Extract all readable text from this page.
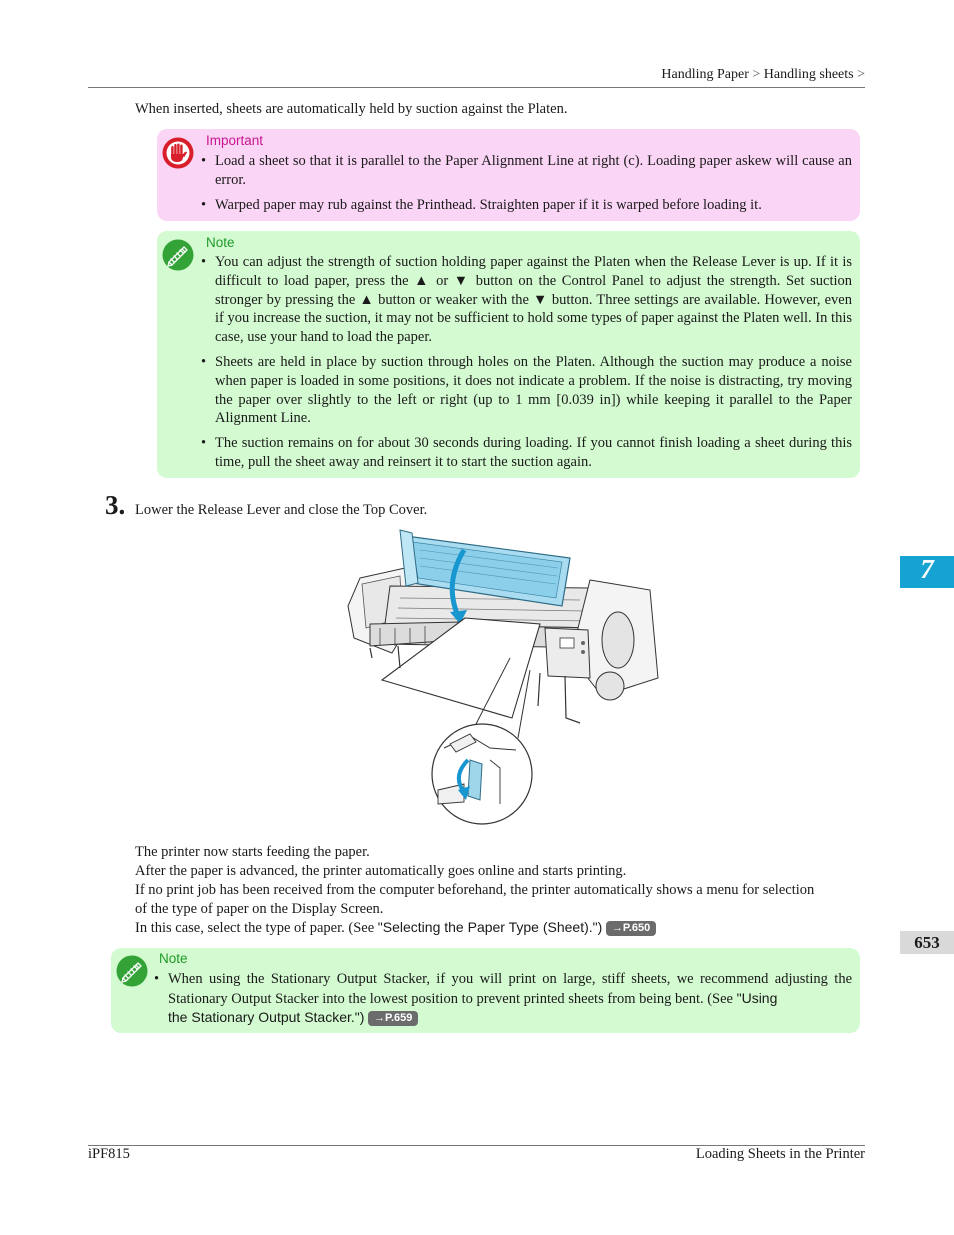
Handling Paper > Handling sheets >
When inserted, sheets are automatically held by suction against the Platen.
Important
• Load a sheet so that it is parallel to the Paper Alignment Line at right (c). Loading paper askew will cause an error.
• Warped paper may rub against the Printhead. Straighten paper if it is warped before loading it.
Note
• You can adjust the strength of suction holding paper against the Platen when the Release Lever is up. If it is difficult to load paper, press the ▲ or ▼ button on the Control Panel to adjust the strength. Set suction stronger by pressing the ▲ button or weaker with the ▼ button. Three settings are available. However, even if you increase the suction, it may not be sufficient to hold some types of paper against the Platen well. In this case, use your hand to load the paper.
• Sheets are held in place by suction through holes on the Platen. Although the suction may produce a noise when paper is loaded in some positions, it does not indicate a problem. If the noise is distracting, try moving the paper over slightly to the left or right (up to 1 mm [0.039 in]) while keeping it parallel to the Paper Alignment Line.
• The suction remains on for about 30 seconds during loading. If you cannot finish loading a sheet during this time, pull the sheet away and reinsert it to start the suction again.
3. Lower the Release Lever and close the Top Cover.
The printer now starts feeding the paper.
After the paper is advanced, the printer automatically goes online and starts printing.
If no print job has been received from the computer beforehand, the printer automatically shows a menu for selection
of the type of paper on the Display Screen.
In this case, select the type of paper. (See "Selecting the Paper Type (Sheet).") →P.650
Note
• When using the Stationary Output Stacker, if you will print on large, stiff sheets, we recommend adjusting the Stationary Output Stacker into the lowest position to prevent printed sheets from being bent. (See "Using
the Stationary Output Stacker.") →P.659
7
653
iPF815	Loading Sheets in the Printer
